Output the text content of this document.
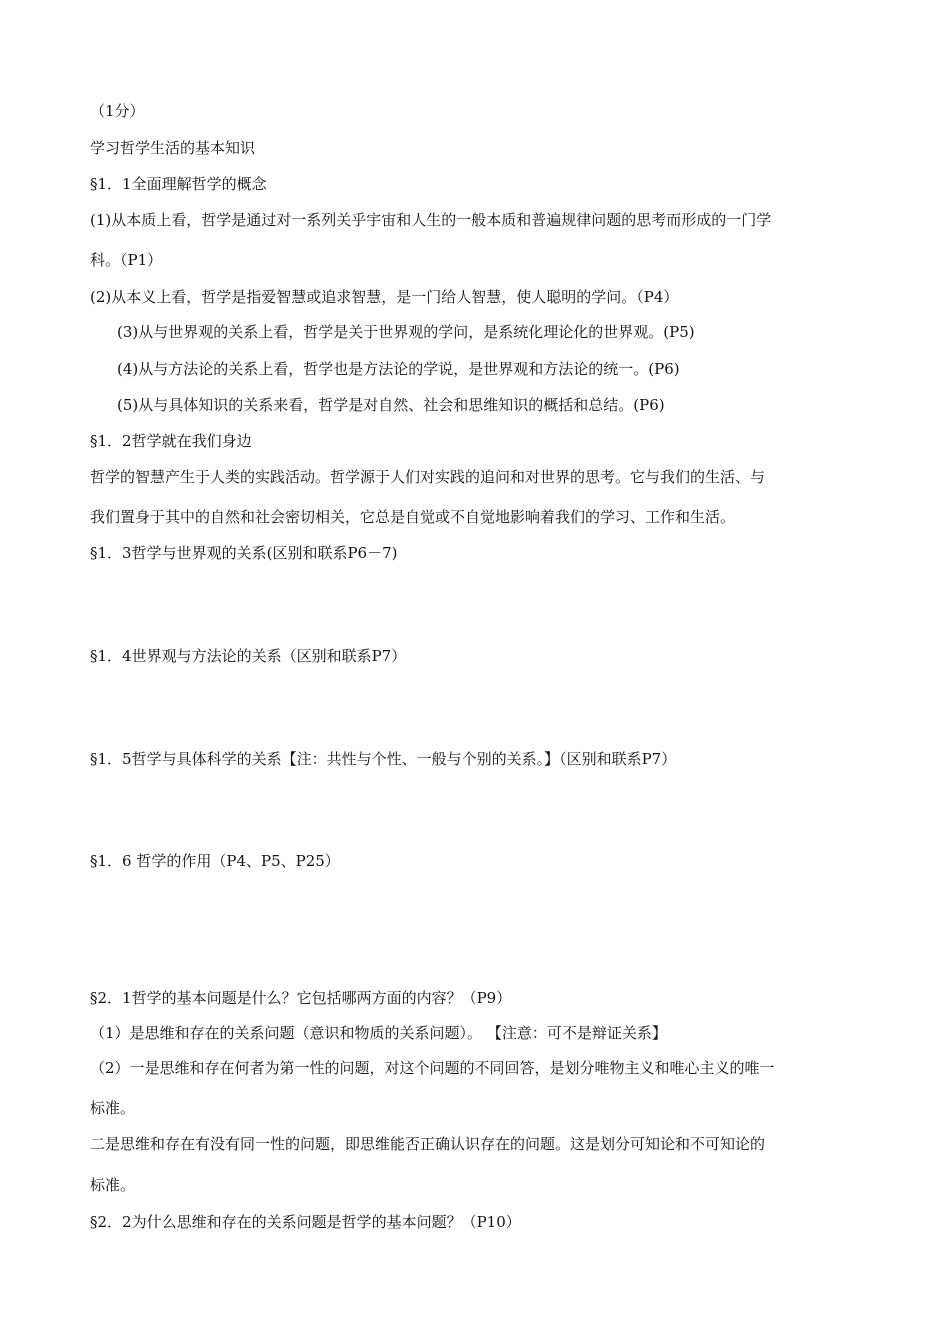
（1分）
学习哲学生活的基本知识
§1．1全面理解哲学的概念
(1)从本质上看，哲学是通过对一系列关乎宇宙和人生的一般本质和普遍规律问题的思考而形成的一门学
科。（P1）
(2)从本义上看，哲学是指爱智慧或追求智慧，是一门给人智慧，使人聪明的学问。（P4）
(3)从与世界观的关系上看，哲学是关于世界观的学问，是系统化理论化的世界观。(P5)
(4)从与方法论的关系上看，哲学也是方法论的学说，是世界观和方法论的统一。(P6)
(5)从与具体知识的关系来看，哲学是对自然、社会和思维知识的概括和总结。(P6)
§1．2哲学就在我们身边
哲学的智慧产生于人类的实践活动。哲学源于人们对实践的追问和对世界的思考。它与我们的生活、与
我们置身于其中的自然和社会密切相关，它总是自觉或不自觉地影响着我们的学习、工作和生活。
§1．3哲学与世界观的关系(区别和联系P6－7)
§1．4世界观与方法论的关系（区别和联系P7）
§1．5哲学与具体科学的关系【注：共性与个性、一般与个别的关系。】（区别和联系P7）
§1．6 哲学的作用（P4、P5、P25）
§2．1哲学的基本问题是什么？它包括哪两方面的内容？（P9）
（1）是思维和存在的关系问题（意识和物质的关系问题）。 【注意：可不是辩证关系】
（2）一是思维和存在何者为第一性的问题，对这个问题的不同回答，是划分唯物主义和唯心主义的唯一
标准。
二是思维和存在有没有同一性的问题，即思维能否正确认识存在的问题。这是划分可知论和不可知论的
标准。
§2．2为什么思维和存在的关系问题是哲学的基本问题？（P10）
